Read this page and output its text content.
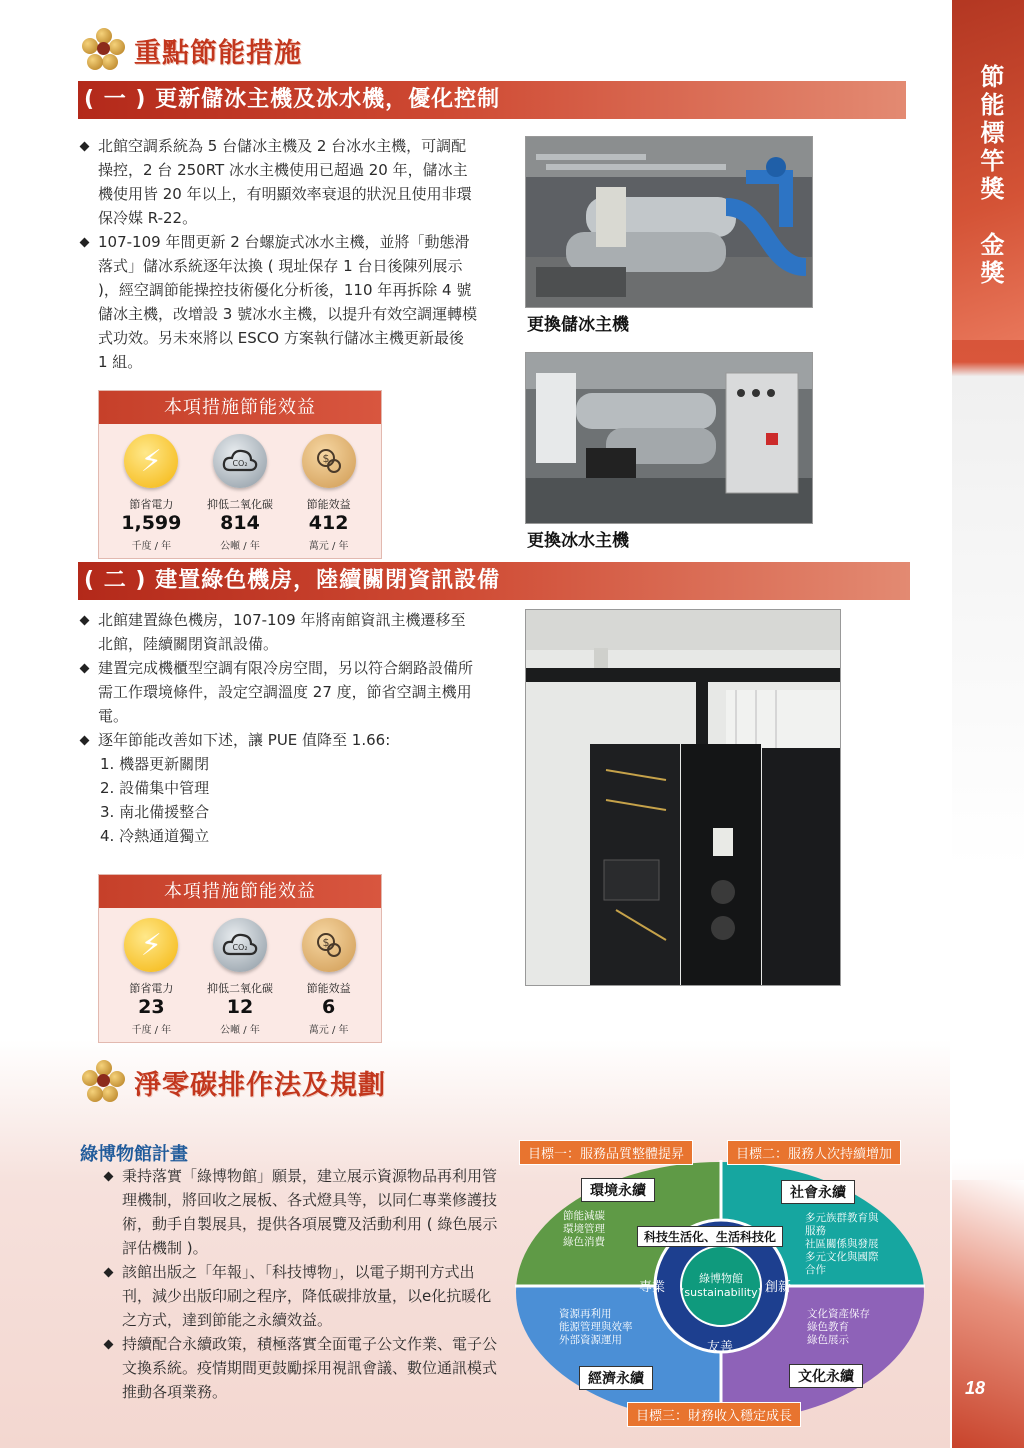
節能標竿獎　金獎
18
重點節能措施
( 一 ) 更新儲冰主機及冰水機，優化控制
北館空調系統為 5 台儲冰主機及 2 台冰水主機，可調配操控，2 台 250RT 冰水主機使用已超過 20 年，儲冰主機使用皆 20 年以上，有明顯效率衰退的狀況且使用非環保冷媒 R-22。
107-109 年間更新 2 台螺旋式冰水主機，並將「動態滑落式」儲冰系統逐年汰換 ( 現址保存 1 台日後陳列展示 )，經空調節能操控技術優化分析後，110 年再拆除 4 號儲冰主機，改增設 3 號冰水主機，以提升有效空調運轉模式功效。另未來將以 ESCO 方案執行儲冰主機更新最後 1 組。
更換儲冰主機
更換冰水主機
本項措施節能效益
⚡
節省電力
1,599
千度 / 年
CO₂
抑低二氧化碳
814
公噸 / 年
$
節能效益
412
萬元 / 年
( 二 ) 建置綠色機房，陸續關閉資訊設備
北館建置綠色機房，107-109 年將南館資訊主機遷移至北館，陸續關閉資訊設備。
建置完成機櫃型空調有限冷房空間，另以符合網路設備所需工作環境條件，設定空調溫度 27 度，節省空調主機用電。
逐年節能改善如下述，讓 PUE 值降至 1.66:
1. 機器更新關閉
2. 設備集中管理
3. 南北備援整合
4. 冷熱通道獨立
本項措施節能效益
⚡
節省電力
23
千度 / 年
CO₂
抑低二氧化碳
12
公噸 / 年
$
節能效益
6
萬元 / 年
淨零碳排作法及規劃
綠博物館計畫
秉持落實「綠博物館」願景，建立展示資源物品再利用管理機制，將回收之展板、各式燈具等，以同仁專業修護技術，動手自製展具，提供各項展覽及活動利用 ( 綠色展示評估機制 )。
該館出版之「年報」、「科技博物」，以電子期刊方式出刊，減少出版印刷之程序，降低碳排放量，以e化抗暖化之方式，達到節能之永續效益。
持續配合永續政策，積極落實全面電子公文作業、電子公文換系統。疫情期間更鼓勵採用視訊會議、數位通訊模式推動各項業務。
目標一：服務品質整體提昇	目標二：服務人次持續增加
目標三：財務收入穩定成長
環境永續	社會永續
經濟永續	文化永續
節能減碳
環境管理
綠色消費
多元族群教育與
服務
社區關係與發展
多元文化與國際
合作
資源再利用
能源管理與效率
外部資源運用
文化資產保存
綠色教育
綠色展示
科技生活化、生活科技化
綠博物館
(sustainability)
專業	創新
友善
